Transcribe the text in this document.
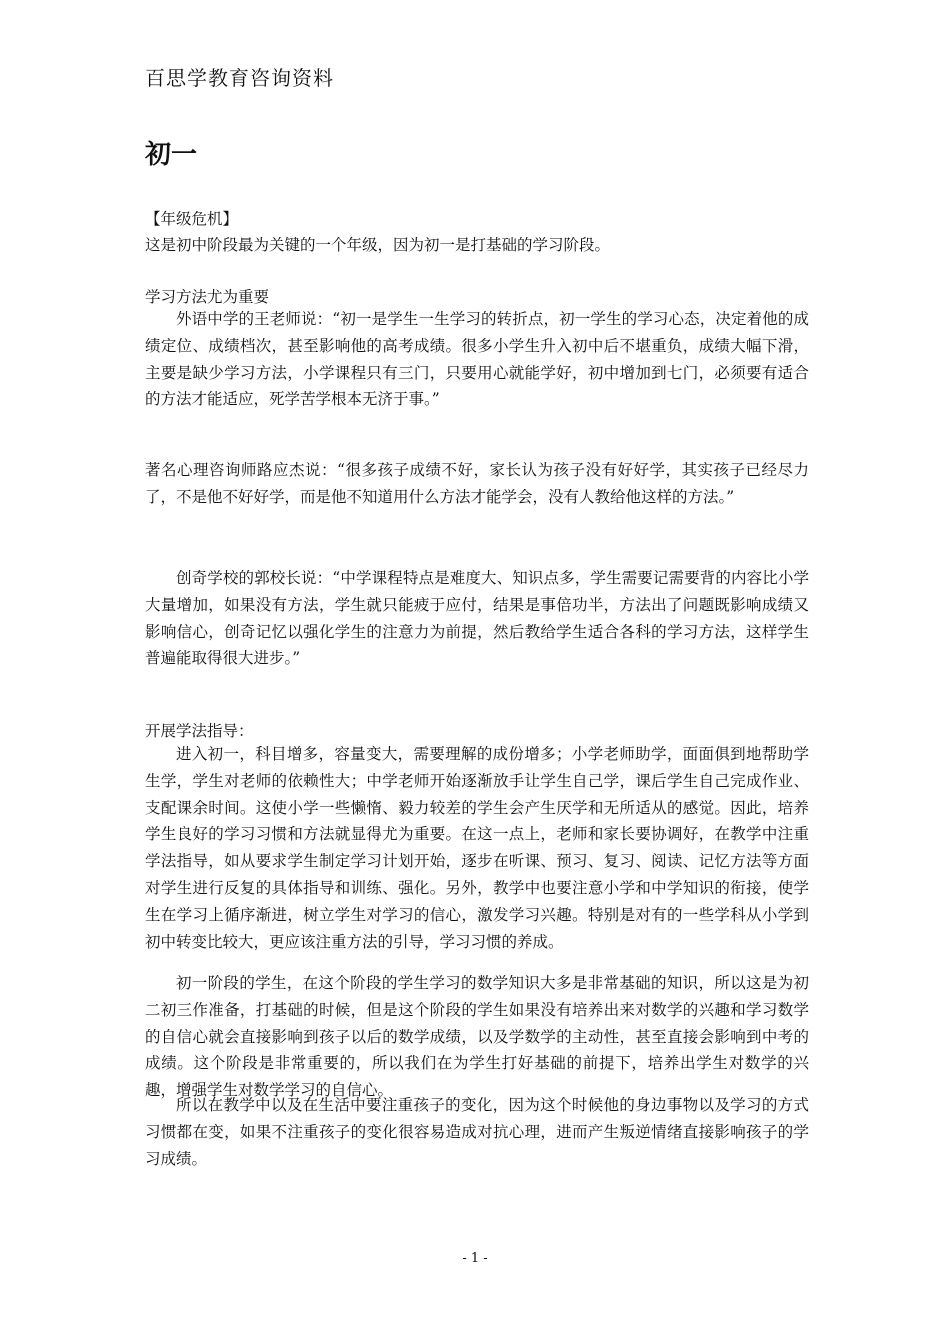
百思学教育咨询资料
初一

【年级危机】

这是初中阶段最为关键的一个年级，因为初一是打基础的学习阶段。

学习方法尤为重要

外语中学的王老师说：“初一是学生一生学习的转折点，初一学生的学习心态，决定着他的成绩定位、成绩档次，甚至影响他的高考成绩。很多小学生升入初中后不堪重负，成绩大幅下滑，主要是缺少学习方法，小学课程只有三门，只要用心就能学好，初中增加到七门，必须要有适合的方法才能适应，死学苦学根本无济于事。”

著名心理咨询师路应杰说：“很多孩子成绩不好，家长认为孩子没有好好学，其实孩子已经尽力了，不是他不好好学，而是他不知道用什么方法才能学会，没有人教给他这样的方法。”

创奇学校的郭校长说：“中学课程特点是难度大、知识点多，学生需要记需要背的内容比小学大量增加，如果没有方法，学生就只能疲于应付，结果是事倍功半，方法出了问题既影响成绩又影响信心，创奇记忆以强化学生的注意力为前提，然后教给学生适合各科的学习方法，这样学生普遍能取得很大进步。”

开展学法指导：

进入初一，科目增多，容量变大，需要理解的成份增多；小学老师助学，面面俱到地帮助学生学，学生对老师的依赖性大；中学老师开始逐渐放手让学生自己学，课后学生自己完成作业、支配课余时间。这使小学一些懒惰、毅力较差的学生会产生厌学和无所适从的感觉。因此，培养学生良好的学习习惯和方法就显得尤为重要。在这一点上，老师和家长要协调好，在教学中注重学法指导，如从要求学生制定学习计划开始，逐步在听课、预习、复习、阅读、记忆方法等方面对学生进行反复的具体指导和训练、强化。另外，教学中也要注意小学和中学知识的衔接，使学生在学习上循序渐进，树立学生对学习的信心，激发学习兴趣。特别是对有的一些学科从小学到初中转变比较大，更应该注重方法的引导，学习习惯的养成。

初一阶段的学生，在这个阶段的学生学习的数学知识大多是非常基础的知识，所以这是为初二初三作准备，打基础的时候，但是这个阶段的学生如果没有培养出来对数学的兴趣和学习数学的自信心就会直接影响到孩子以后的数学成绩，以及学数学的主动性，甚至直接会影响到中考的成绩。这个阶段是非常重要的，所以我们在为学生打好基础的前提下，培养出学生对数学的兴趣，增强学生对数学学习的自信心。

所以在教学中以及在生活中要注重孩子的变化，因为这个时候他的身边事物以及学习的方式习惯都在变，如果不注重孩子的变化很容易造成对抗心理，进而产生叛逆情绪直接影响孩子的学习成绩。

- 1 -
